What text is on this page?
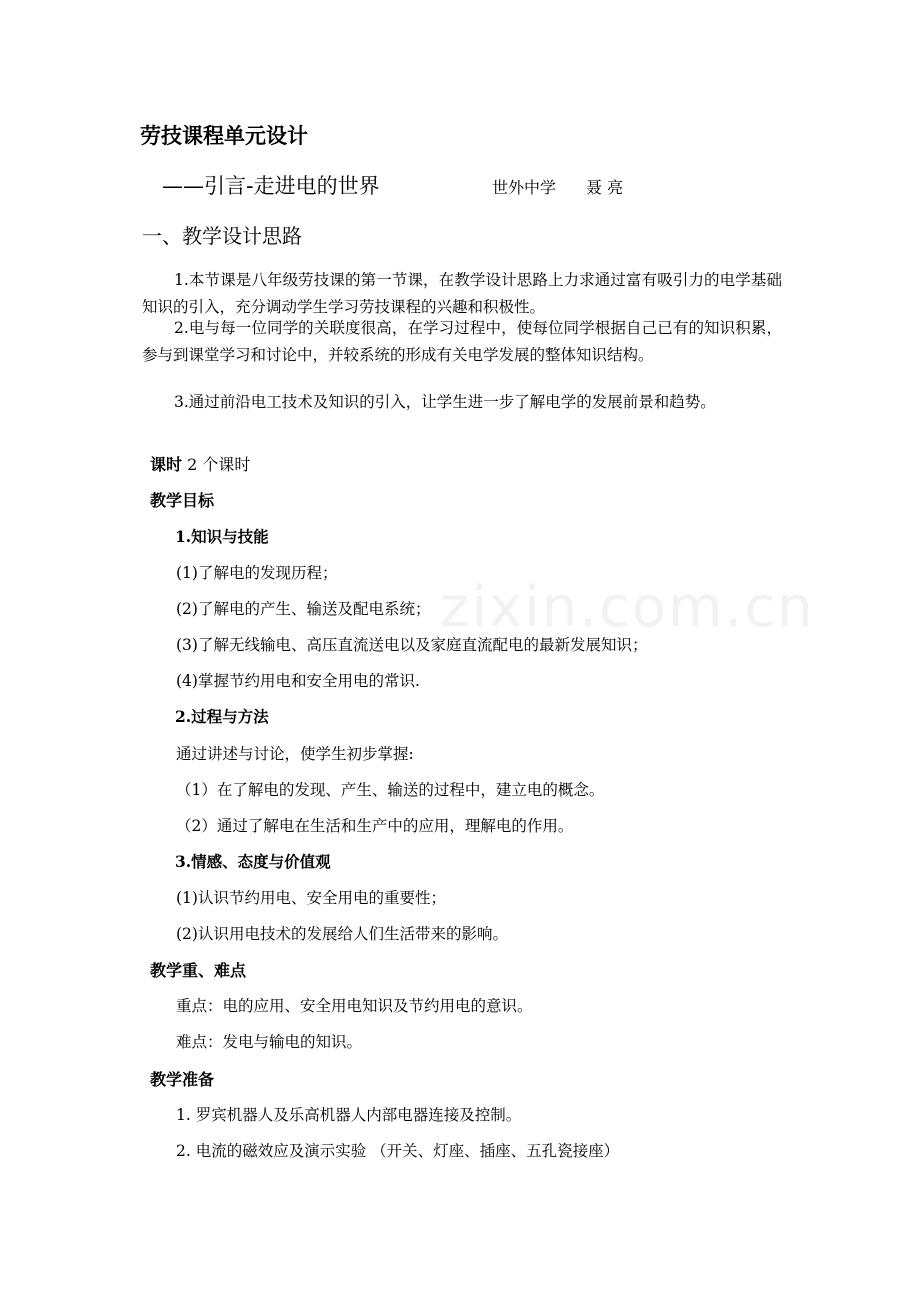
zixin.com.cn
劳技课程单元设计
——引言-走进电的世界	世外中学 聂 亮
一、教学设计思路
1.本节课是八年级劳技课的第一节课，在教学设计思路上力求通过富有吸引力的电学基础知识的引入，充分调动学生学习劳技课程的兴趣和积极性。
2.电与每一位同学的关联度很高，在学习过程中，使每位同学根据自己已有的知识积累，参与到课堂学习和讨论中，并较系统的形成有关电学发展的整体知识结构。
3.通过前沿电工技术及知识的引入，让学生进一步了解电学的发展前景和趋势。
课时 2 个课时
教学目标
1.知识与技能
(1)了解电的发现历程；
(2)了解电的产生、输送及配电系统；
(3)了解无线输电、高压直流送电以及家庭直流配电的最新发展知识；
(4)掌握节约用电和安全用电的常识.
2.过程与方法
通过讲述与讨论，使学生初步掌握:
（1）在了解电的发现、产生、输送的过程中，建立电的概念。
（2）通过了解电在生活和生产中的应用，理解电的作用。
3.情感、态度与价值观
(1)认识节约用电、安全用电的重要性；
(2)认识用电技术的发展给人们生活带来的影响。
教学重、难点
重点：电的应用、安全用电知识及节约用电的意识。
难点：发电与输电的知识。
教学准备
1. 罗宾机器人及乐高机器人内部电器连接及控制。
2. 电流的磁效应及演示实验 （开关、灯座、插座、五孔瓷接座）
